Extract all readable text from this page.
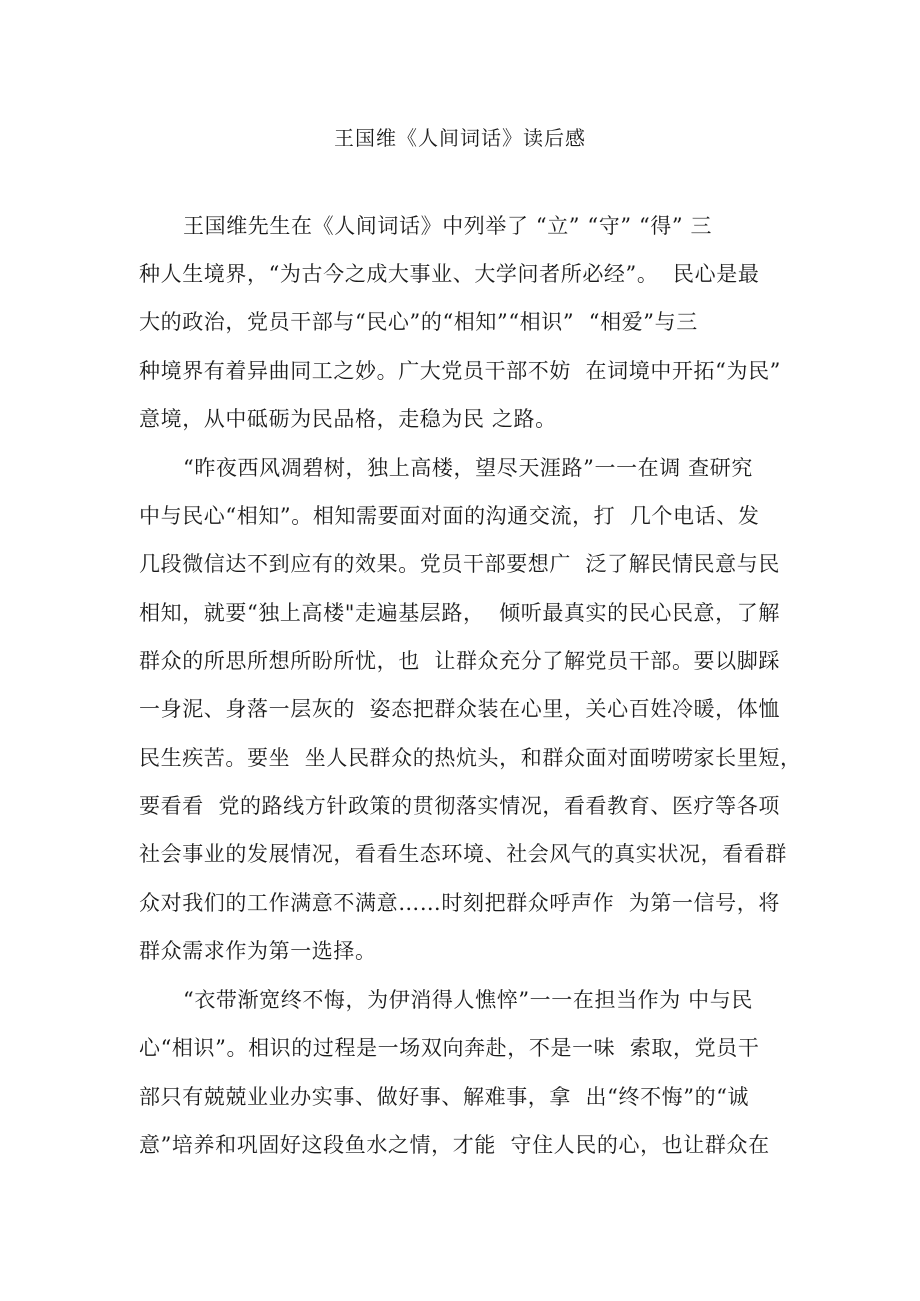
王国维《人间词话》读后感
王国维先生在《人间词话》中列举了 “立” “守” “得” 三
种人生境界，“为古今之成大事业、大学问者所必经”。  民心是最
大的政治，党员干部与“民心”的“相知”“相识”  “相爱”与三
种境界有着异曲同工之妙。广大党员干部不妨  在词境中开拓“为民”
意境，从中砥砺为民品格，走稳为民 之路。
“昨夜西风凋碧树，独上高楼，望尽天涯路”一一在调 查研究
中与民心“相知”。相知需要面对面的沟通交流，打  几个电话、发
几段微信达不到应有的效果。党员干部要想广  泛了解民情民意与民
相知，就要“独上高楼"走遍基层路，  倾听最真实的民心民意，了解
群众的所思所想所盼所忧，也  让群众充分了解党员干部。要以脚踩
一身泥、身落一层灰的  姿态把群众装在心里，关心百姓冷暖，体恤
民生疾苦。要坐  坐人民群众的热炕头，和群众面对面唠唠家长里短，
要看看  党的路线方针政策的贯彻落实情况，看看教育、医疗等各项
社会事业的发展情况，看看生态环境、社会风气的真实状况，看看群
众对我们的工作满意不满意……时刻把群众呼声作  为第一信号，将
群众需求作为第一选择。
“衣带渐宽终不悔，为伊消得人憔悴”一一在担当作为 中与民
心“相识”。相识的过程是一场双向奔赴，不是一味  索取，党员干
部只有兢兢业业办实事、做好事、解难事，拿  出“终不悔”的“诚
意”培养和巩固好这段鱼水之情，才能  守住人民的心，也让群众在
